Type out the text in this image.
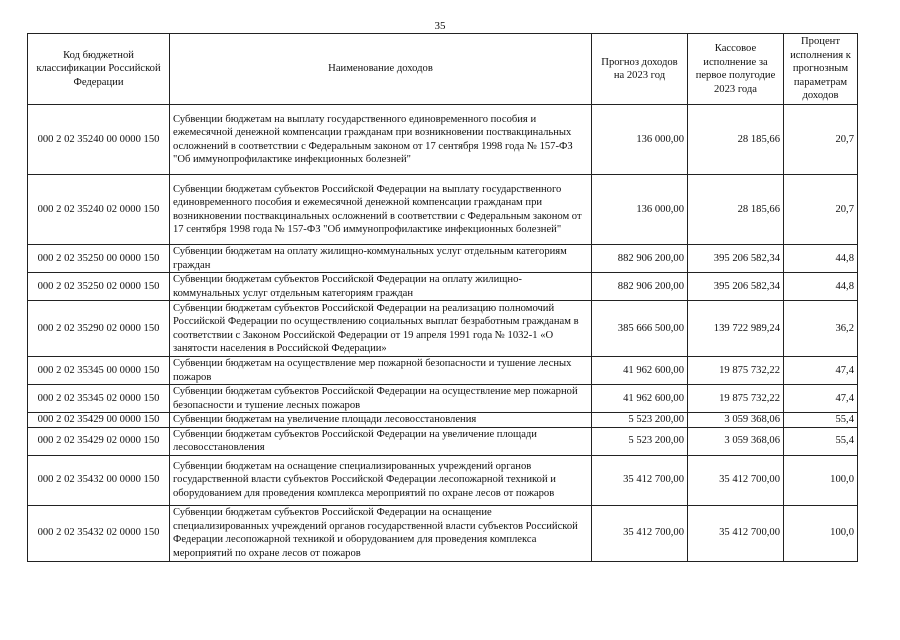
35
Код бюджетной классификации Российской Федерации	Наименование доходов	Прогноз доходов на 2023 год	Кассовое исполнение за первое полугодие 2023 года	Процент исполнения к прогнозным параметрам доходов
000 2 02 35240 00 0000 150	Субвенции бюджетам на выплату государственного единовременного пособия и ежемесячной денежной компенсации гражданам при возникновении поствакцинальных осложнений в соответствии с Федеральным законом от 17 сентября 1998 года № 157-ФЗ "Об иммунопрофилактике инфекционных болезней"	136 000,00	28 185,66	20,7
000 2 02 35240 02 0000 150	Субвенции бюджетам субъектов Российской Федерации на выплату государственного единовременного пособия и ежемесячной денежной компенсации гражданам при возникновении поствакцинальных осложнений в соответствии с Федеральным законом от 17 сентября 1998 года № 157-ФЗ "Об иммунопрофилактике инфекционных болезней"	136 000,00	28 185,66	20,7
000 2 02 35250 00 0000 150	Субвенции бюджетам на оплату жилищно-коммунальных услуг отдельным категориям граждан	882 906 200,00	395 206 582,34	44,8
000 2 02 35250 02 0000 150	Субвенции бюджетам субъектов Российской Федерации на оплату жилищно-коммунальных услуг отдельным категориям граждан	882 906 200,00	395 206 582,34	44,8
000 2 02 35290 02 0000 150	Субвенции бюджетам субъектов Российской Федерации на реализацию полномочий Российской Федерации по осуществлению социальных выплат безработным гражданам в соответствии с Законом Российской Федерации от 19 апреля 1991 года № 1032-1 «О занятости населения в Российской Федерации»	385 666 500,00	139 722 989,24	36,2
000 2 02 35345 00 0000 150	Субвенции бюджетам на осуществление мер пожарной безопасности и тушение лесных пожаров	41 962 600,00	19 875 732,22	47,4
000 2 02 35345 02 0000 150	Субвенции бюджетам субъектов Российской Федерации на осуществление мер пожарной безопасности и тушение лесных пожаров	41 962 600,00	19 875 732,22	47,4
000 2 02 35429 00 0000 150	Субвенции бюджетам на увеличение площади лесовосстановления	5 523 200,00	3 059 368,06	55,4
000 2 02 35429 02 0000 150	Субвенции бюджетам субъектов Российской Федерации на увеличение площади лесовосстановления	5 523 200,00	3 059 368,06	55,4
000 2 02 35432 00 0000 150	Субвенции бюджетам на оснащение специализированных учреждений органов государственной власти субъектов Российской Федерации лесопожарной техникой и оборудованием для проведения комплекса мероприятий по охране лесов от пожаров	35 412 700,00	35 412 700,00	100,0
000 2 02 35432 02 0000 150	Субвенции бюджетам субъектов Российской Федерации на оснащение специализированных учреждений органов государственной власти субъектов Российской Федерации лесопожарной техникой и оборудованием для проведения комплекса мероприятий по охране лесов от пожаров	35 412 700,00	35 412 700,00	100,0
